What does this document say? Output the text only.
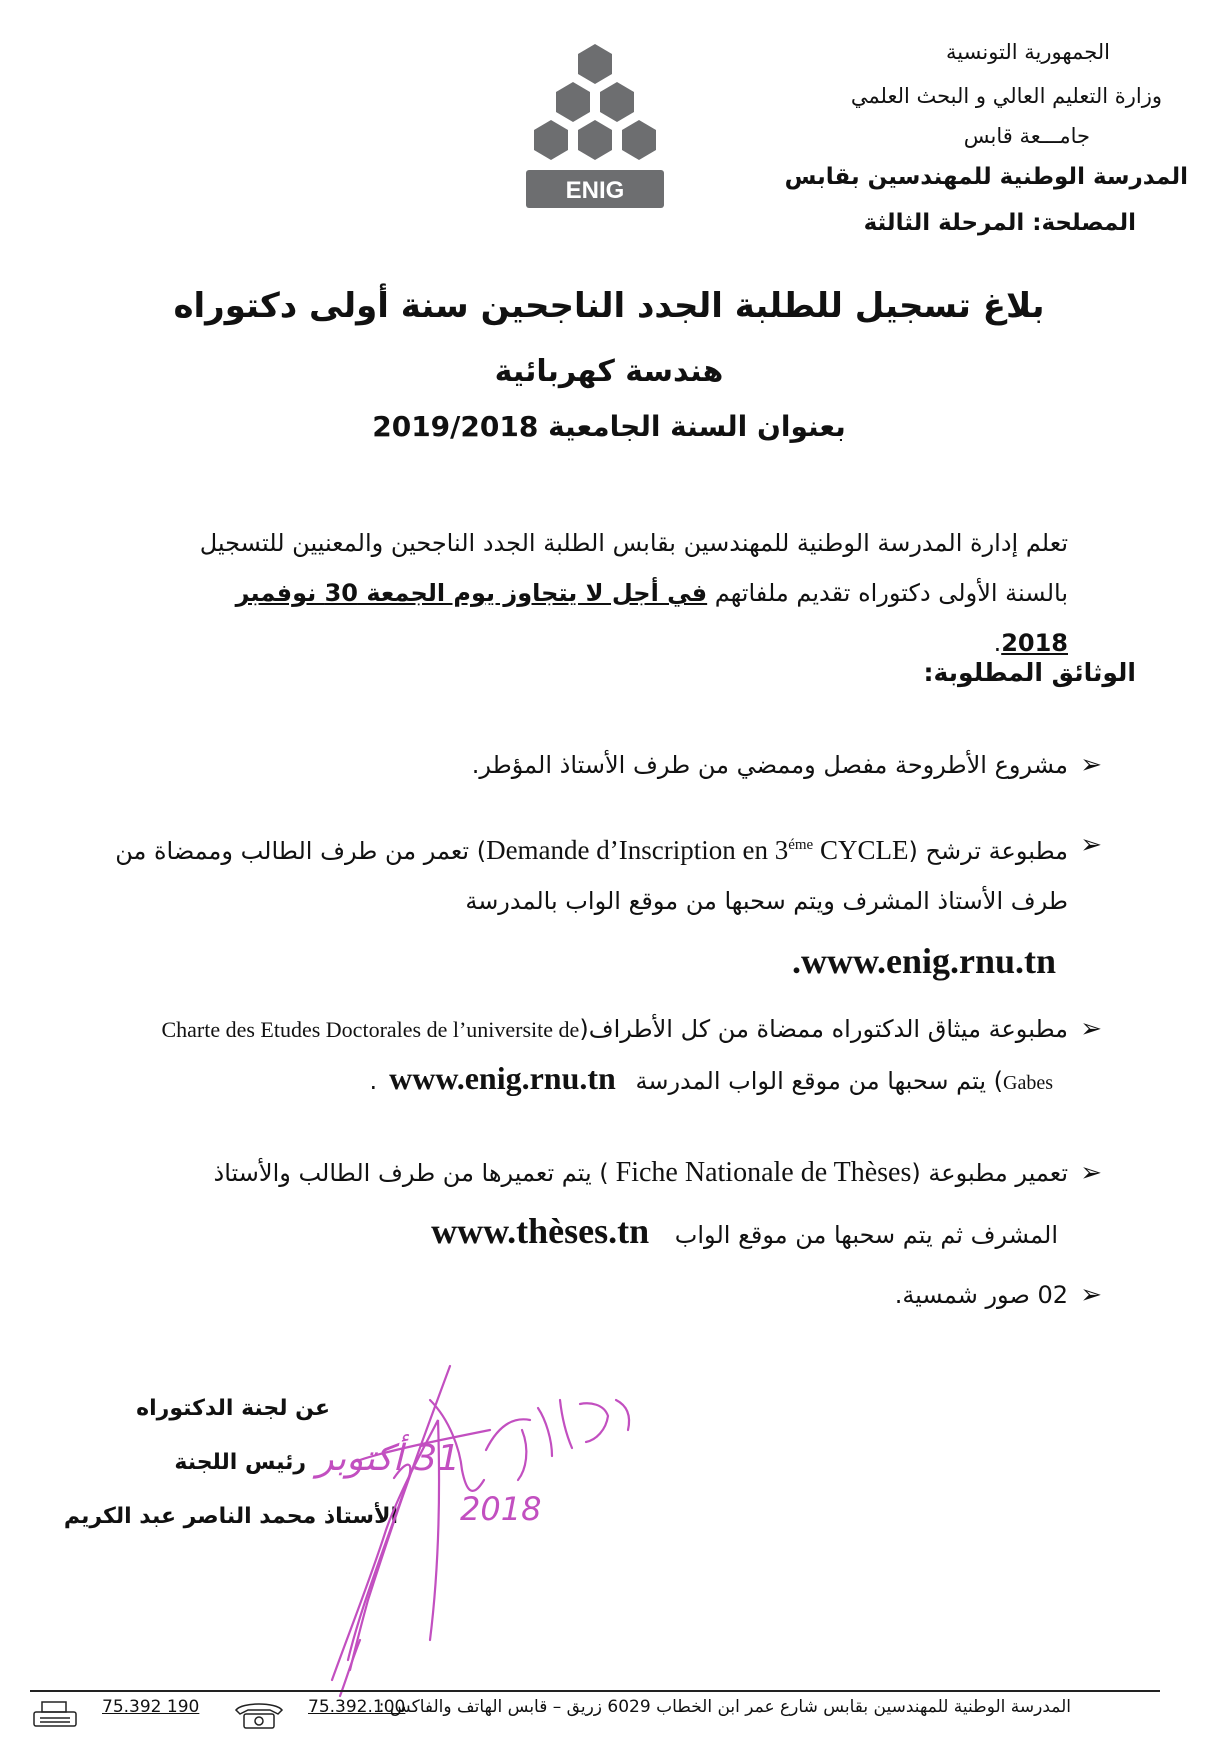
الجمهورية التونسية
وزارة التعليم العالي و البحث العلمي
جامـــعة قابس
المدرسة الوطنية للمهندسين بقابس
المصلحة: المرحلة الثالثة
ENIG
بلاغ تسجيل للطلبة الجدد الناجحين سنة أولى دكتوراه
هندسة كهربائية
بعنوان السنة الجامعية 2019/2018
تعلم إدارة المدرسة الوطنية للمهندسين بقابس الطلبة الجدد الناجحين والمعنيين للتسجيل بالسنة الأولى دكتوراه تقديم ملفاتهم في أجل لا يتجاوز يوم الجمعة 30 نوفمبر 2018.
الوثائق المطلوبة:
➢
مشروع الأطروحة مفصل وممضي من طرف الأستاذ المؤطر.
➢
مطبوعة ترشح (Demande d’Inscription en $3^{éme}$ CYCLE) تعمر من طرف الطالب وممضاة من طرف الأستاذ المشرف ويتم سحبها من موقع الواب بالمدرسة
.www.enig.rnu.tn
➢
مطبوعة ميثاق الدكتوراه ممضاة من كل الأطراف(Charte des Etudes Doctorales de l’universite de
Gabes) يتم سحبها من موقع الواب المدرسة www.enig.rnu.tn.
➢
تعمير مطبوعة ( Fiche Nationale de Thèses) يتم تعميرها من طرف الطالب والأستاذ
المشرف ثم يتم سحبها من موقع الواب www.thèses.tn
➢
02 صور شمسية.
عن لجنة الدكتوراه
رئيس اللجنة
الأستاذ محمد الناصر عبد الكريم
31 أكتوبر
2018
المدرسة الوطنية للمهندسين بقابس شارع عمر ابن الخطاب 6029 زريق – قابس الهاتف والفاكس :
75.392.100
75.392 190
